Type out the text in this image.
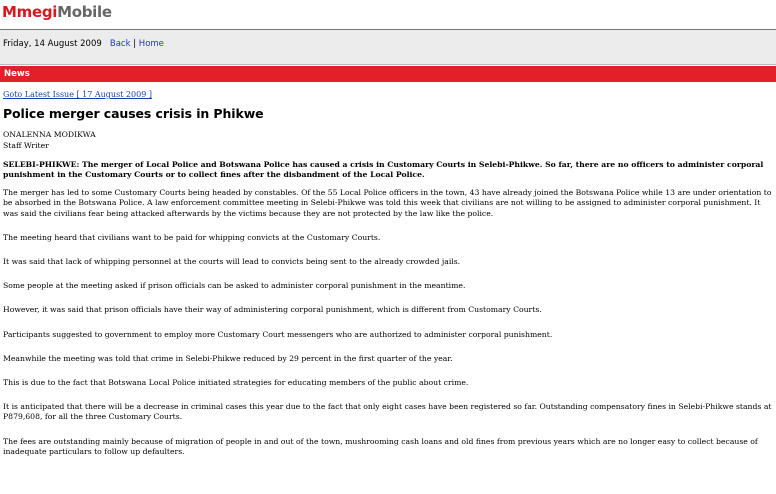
MmegiMobile
Friday, 14 August 2009 Back | Home
News
Goto Latest Issue [ 17 August 2009 ]
Police merger causes crisis in Phikwe

ONALENNA MODIKWA

Staff Writer

SELEBI-PHIKWE: The merger of Local Police and Botswana Police has caused a crisis in Customary Courts in Selebi-Phikwe. So far, there are no officers to administer corporal punishment in the Customary Courts or to collect fines after the disbandment of the Local Police.

The merger has led to some Customary Courts being headed by constables. Of the 55 Local Police officers in the town, 43 have already joined the Botswana Police while 13 are under orientation to be absorbed in the Botswana Police. A law enforcement committee meeting in Selebi-Phikwe was told this week that civilians are not willing to be assigned to administer corporal punishment. It was said the civilians fear being attacked afterwards by the victims because they are not protected by the law like the police.

The meeting heard that civilians want to be paid for whipping convicts at the Customary Courts.

It was said that lack of whipping personnel at the courts will lead to convicts being sent to the already crowded jails.

Some people at the meeting asked if prison officials can be asked to administer corporal punishment in the meantime.

However, it was said that prison officials have their way of administering corporal punishment, which is different from Customary Courts.

Participants suggested to government to employ more Customary Court messengers who are authorized to administer corporal punishment.

Meanwhile the meeting was told that crime in Selebi-Phikwe reduced by 29 percent in the first quarter of the year.

This is due to the fact that Botswana Local Police initiated strategies for educating members of the public about crime.

It is anticipated that there will be a decrease in criminal cases this year due to the fact that only eight cases have been registered so far. Outstanding compensatory fines in Selebi-Phikwe stands at P879,608, for all the three Customary Courts.

The fees are outstanding mainly because of migration of people in and out of the town, mushrooming cash loans and old fines from previous years which are no longer easy to collect because of inadequate particulars to follow up defaulters.
